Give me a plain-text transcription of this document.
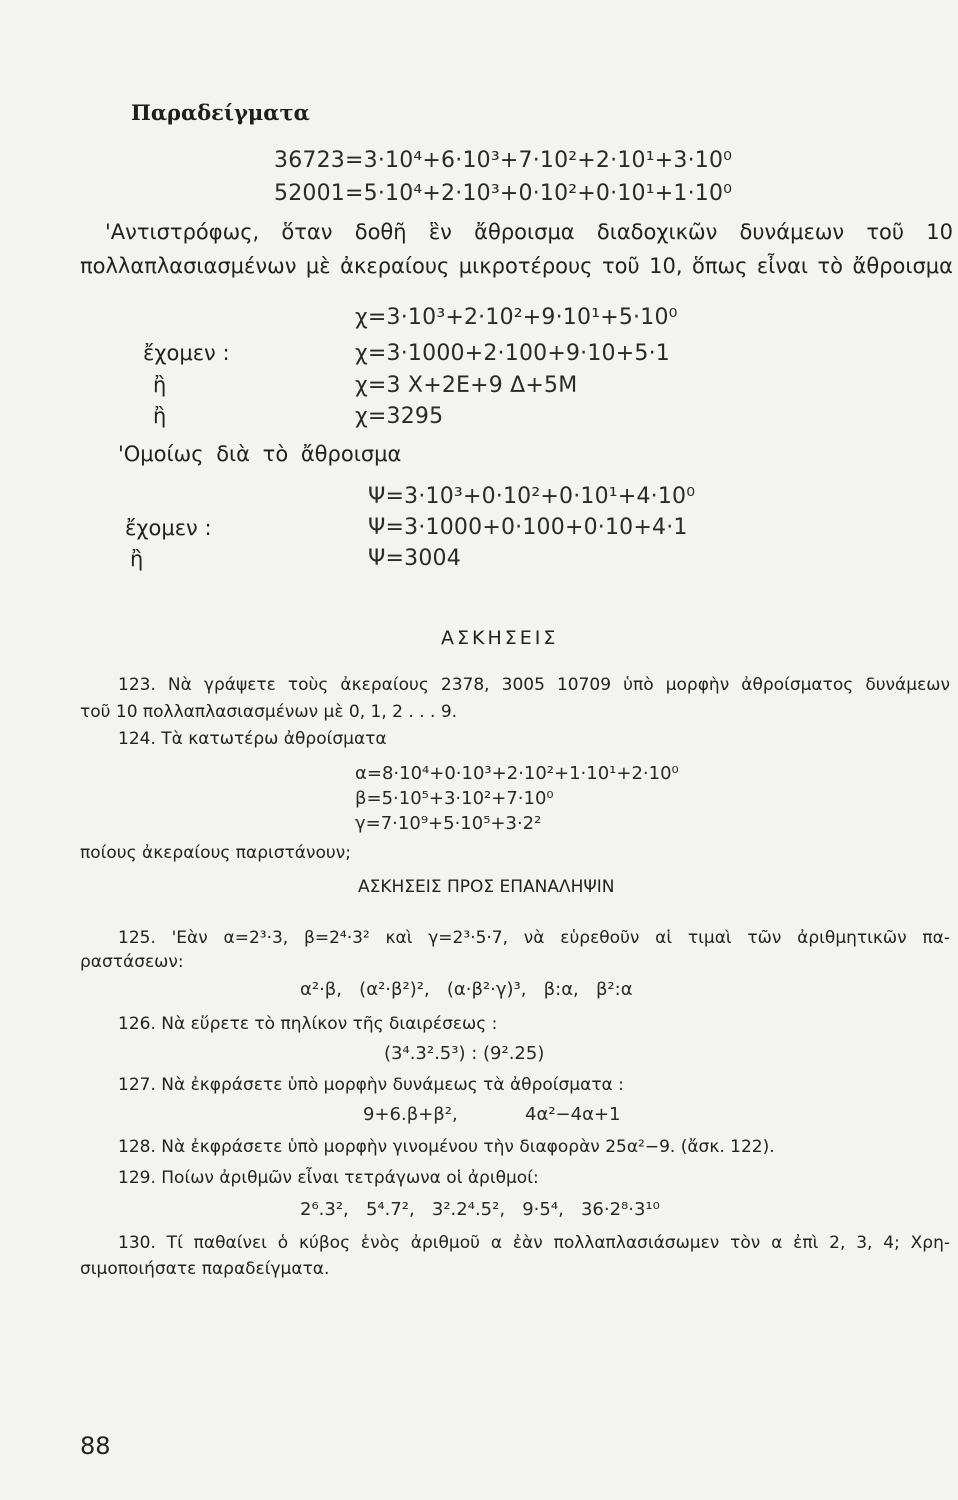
Παραδείγματα
36723=3·10⁴+6·10³+7·10²+2·10¹+3·10⁰
52001=5·10⁴+2·10³+0·10²+0·10¹+1·10⁰
'Αντιστρόφως, ὅταν δοθῆ ἓν ἄθροισμα διαδοχικῶν δυνάμεων τοῦ 10
πολλαπλασιασμένων μὲ ἀκεραίους μικροτέρους τοῦ 10, ὅπως εἶναι τὸ ἄθροισμα
χ=3·10³+2·10²+9·10¹+5·10⁰
ἔχομεν :	χ=3·1000+2·100+9·10+5·1
ἢ	χ=3 Χ+2Ε+9 Δ+5Μ
ἢ	χ=3295
'Ομοίως διὰ τὸ ἄθροισμα
Ψ=3·10³+0·10²+0·10¹+4·10⁰
ἔχομεν :	Ψ=3·1000+0·100+0·10+4·1
ἢ	Ψ=3004
ΑΣΚΗΣΕΙΣ
123. Νὰ γράψετε τοὺς ἀκεραίους 2378, 3005 10709 ὑπὸ μορφὴν ἀθροίσματος δυνάμεων
τοῦ 10 πολλαπλασιασμένων μὲ 0, 1, 2 . . . 9.
124. Τὰ κατωτέρω ἀθροίσματα
α=8·10⁴+0·10³+2·10²+1·10¹+2·10⁰
β=5·10⁵+3·10²+7·10⁰
γ=7·10⁹+5·10⁵+3·2²
ποίους ἀκεραίους παριστάνουν;
ΑΣΚΗΣΕΙΣ ΠΡΟΣ ΕΠΑΝΑΛΗΨΙΝ
125. 'Εὰν α=2³·3, β=2⁴·3² καὶ γ=2³·5·7, νὰ εὑρεθοῦν αἱ τιμαὶ τῶν ἀριθμητικῶν πα-
ραστάσεων:
α²·β,   (α²·β²)²,   (α·β²·γ)³,   β:α,   β²:α
126. Νὰ εὕρετε τὸ πηλίκον τῆς διαιρέσεως :
(3⁴.3².5³) : (9².25)
127. Νὰ ἐκφράσετε ὑπὸ μορφὴν δυνάμεως τὰ ἀθροίσματα :
9+6.β+β²,	4α²−4α+1
128. Νὰ ἐκφράσετε ὑπὸ μορφὴν γινομένου τὴν διαφορὰν 25α²−9. (ἄσκ. 122).
129. Ποίων ἀριθμῶν εἶναι τετράγωνα οἱ ἀριθμοί:
2⁶.3²,   5⁴.7²,   3².2⁴.5²,   9·5⁴,   36·2⁸·3¹⁰
130. Τί παθαίνει ὁ κύβος ἑνὸς ἀριθμοῦ α ἐὰν πολλαπλασιάσωμεν τὸν α ἐπὶ 2, 3, 4; Χρη-
σιμοποιήσατε παραδείγματα.
88
